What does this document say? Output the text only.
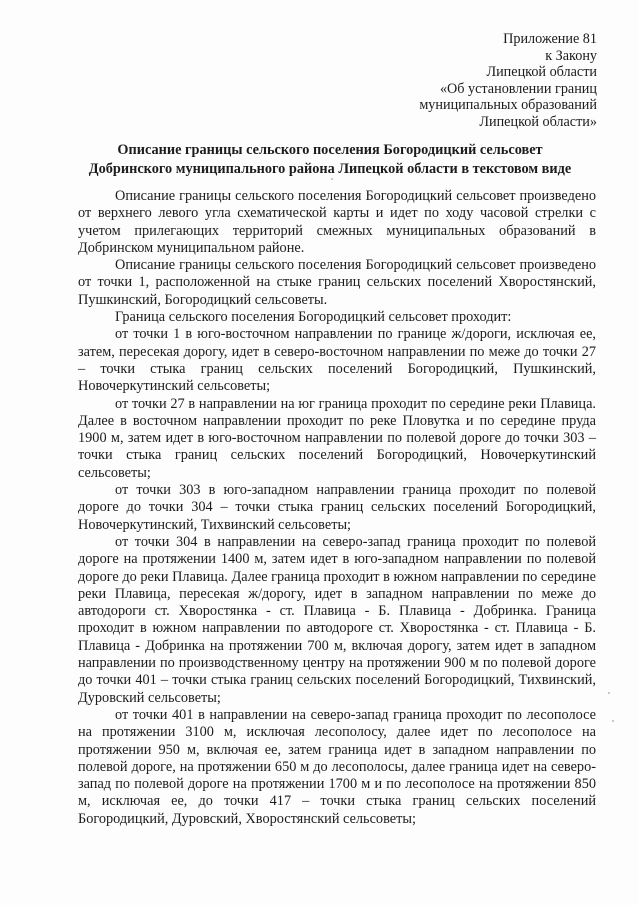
Приложение 81
к Закону
Липецкой области
«Об установлении границ
муниципальных образований
Липецкой области»
Описание границы сельского поселения Богородицкий сельсовет
Добринского муниципального района Липецкой области в текстовом виде

Описание границы сельского поселения Богородицкий сельсовет произведено от верхнего левого угла схематической карты и идет по ходу часовой стрелки с учетом прилегающих территорий смежных муниципальных образований в Добринском муниципальном районе.

Описание границы сельского поселения Богородицкий сельсовет произведено от точки 1, расположенной на стыке границ сельских поселений Хворостянский, Пушкинский, Богородицкий сельсоветы.

Граница сельского поселения Богородицкий сельсовет проходит:

от точки 1 в юго-восточном направлении по границе ж/дороги, исключая ее, затем, пересекая дорогу, идет в северо-восточном направлении по меже до точки 27 – точки стыка границ сельских поселений Богородицкий, Пушкинский, Новочеркутинский сельсоветы;

от точки 27 в направлении на юг граница проходит по середине реки Плавица. Далее в восточном направлении проходит по реке Пловутка и по середине пруда 1900 м, затем идет в юго-восточном направлении по полевой дороге до точки 303 – точки стыка границ сельских поселений Богородицкий, Новочеркутинский сельсоветы;

от точки 303 в юго-западном направлении граница проходит по полевой дороге до точки 304 – точки стыка границ сельских поселений Богородицкий, Новочеркутинский, Тихвинский сельсоветы;

от точки 304 в направлении на северо-запад граница проходит по полевой дороге на протяжении 1400 м, затем идет в юго-западном направлении по полевой дороге до реки Плавица. Далее граница проходит в южном направлении по середине реки Плавица, пересекая ж/дорогу, идет в западном направлении по меже до автодороги ст. Хворостянка - ст. Плавица - Б. Плавица - Добринка. Граница проходит в южном направлении по автодороге ст. Хворостянка - ст. Плавица - Б. Плавица - Добринка на протяжении 700 м, включая дорогу, затем идет в западном направлении по производственному центру на протяжении 900 м по полевой дороге до точки 401 – точки стыка границ сельских поселений Богородицкий, Тихвинский, Дуровский сельсоветы;

от точки 401 в направлении на северо-запад граница проходит по лесополосе на протяжении 3100 м, исключая лесополосу, далее идет по лесополосе на протяжении 950 м, включая ее, затем граница идет в западном направлении по полевой дороге, на протяжении 650 м до лесополосы, далее граница идет на северо-запад по полевой дороге на протяжении 1700 м и по лесополосе на протяжении 850 м, исключая ее, до точки 417 – точки стыка границ сельских поселений Богородицкий, Дуровский, Хворостянский сельсоветы;
